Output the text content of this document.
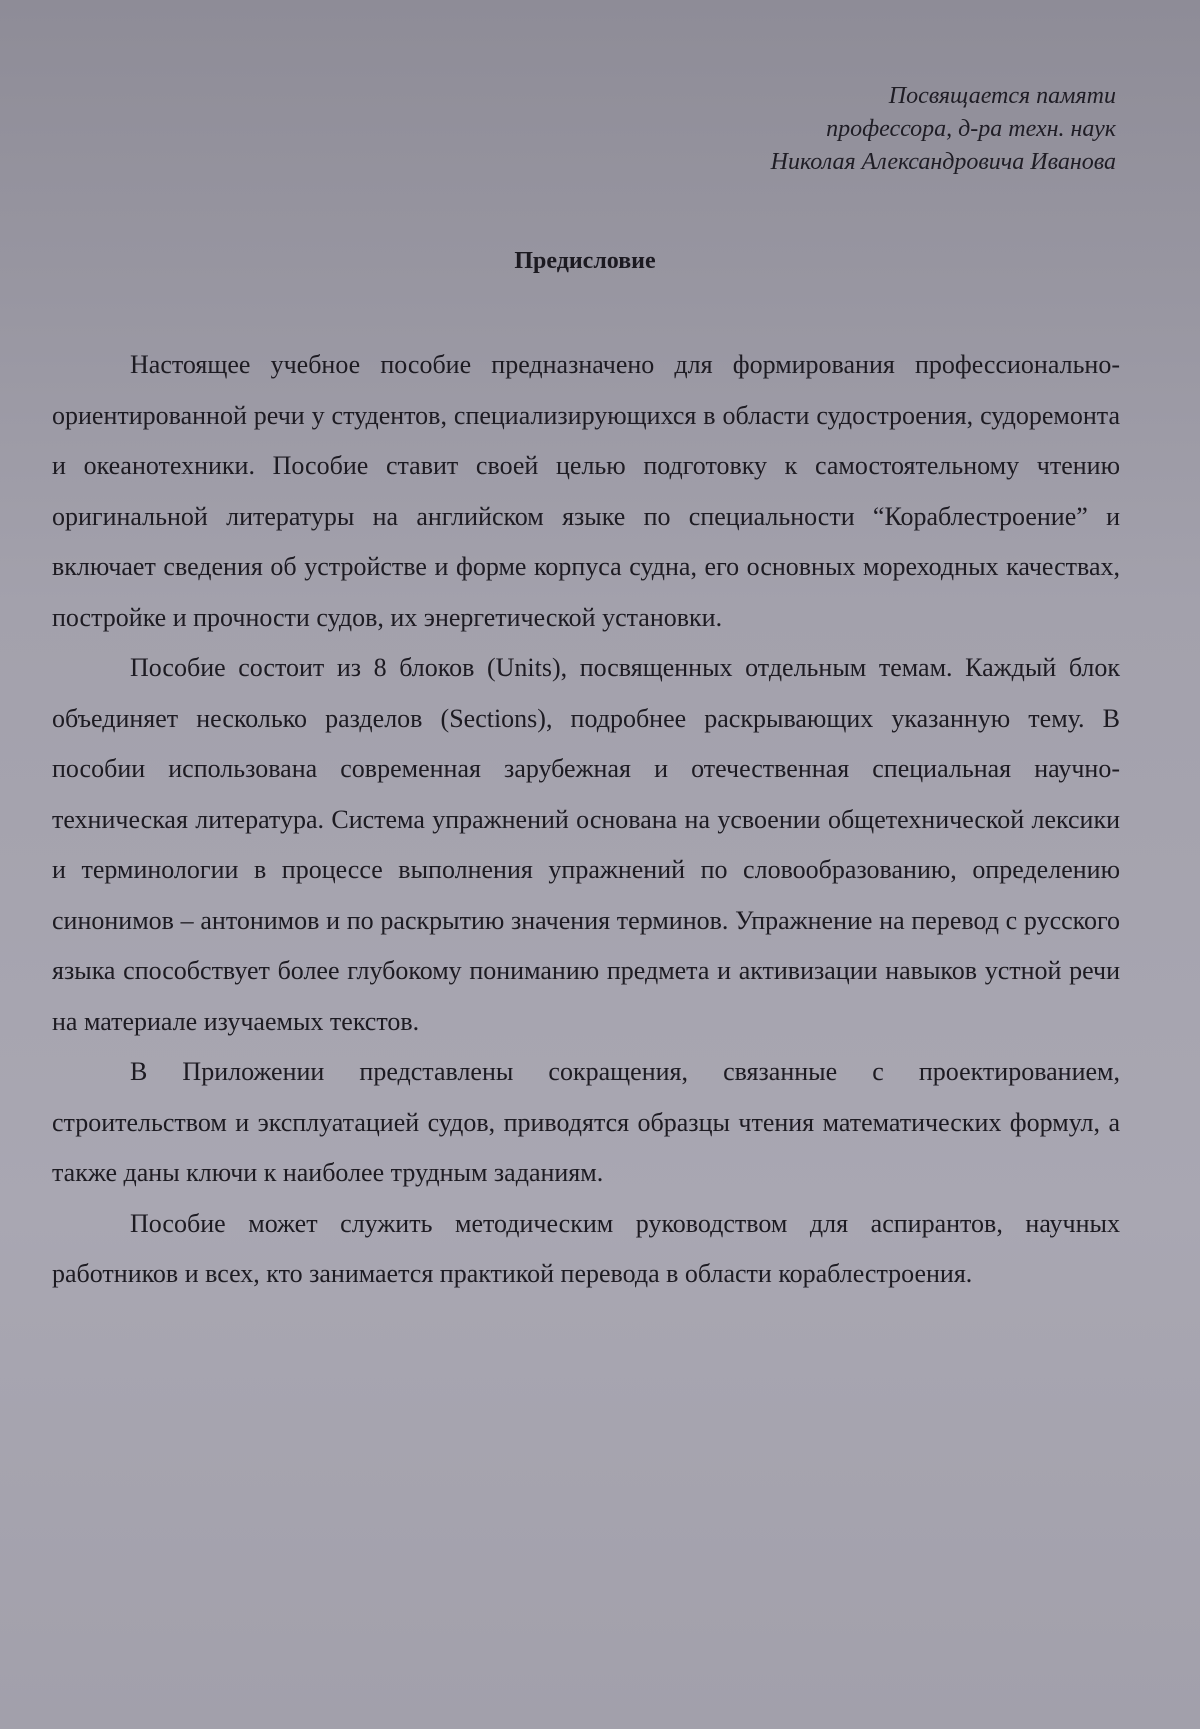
Посвящается памяти
профессора, д-ра техн. наук
Николая Александровича Иванова
Предисловие

Настоящее учебное пособие предназначено для формирования профессионально-ориентированной речи у студентов, специализирующихся в области судостроения, судоремонта и океанотехники. Пособие ставит своей целью подготовку к самостоятельному чтению оригинальной литературы на английском языке по специальности “Кораблестроение” и включает сведения об устройстве и форме корпуса судна, его основных мореходных качествах, постройке и прочности судов, их энергетической установки.

Пособие состоит из 8 блоков (Units), посвященных отдельным темам. Каждый блок объединяет несколько разделов (Sections), подробнее раскрывающих указанную тему. В пособии использована современная зарубежная и отечественная специальная научно-техническая литература. Система упражнений основана на усвоении общетехнической лексики и терминологии в процессе выполнения упражнений по словообразованию, определению синонимов – антонимов и по раскрытию значения терминов. Упражнение на перевод с русского языка способствует более глубокому пониманию предмета и активизации навыков устной речи на материале изучаемых текстов.

В Приложении представлены сокращения, связанные с проектированием, строительством и эксплуатацией судов, приводятся образцы чтения математических формул, а также даны ключи к наиболее трудным заданиям.

Пособие может служить методическим руководством для аспирантов, научных работников и всех, кто занимается практикой перевода в области кораблестроения.
